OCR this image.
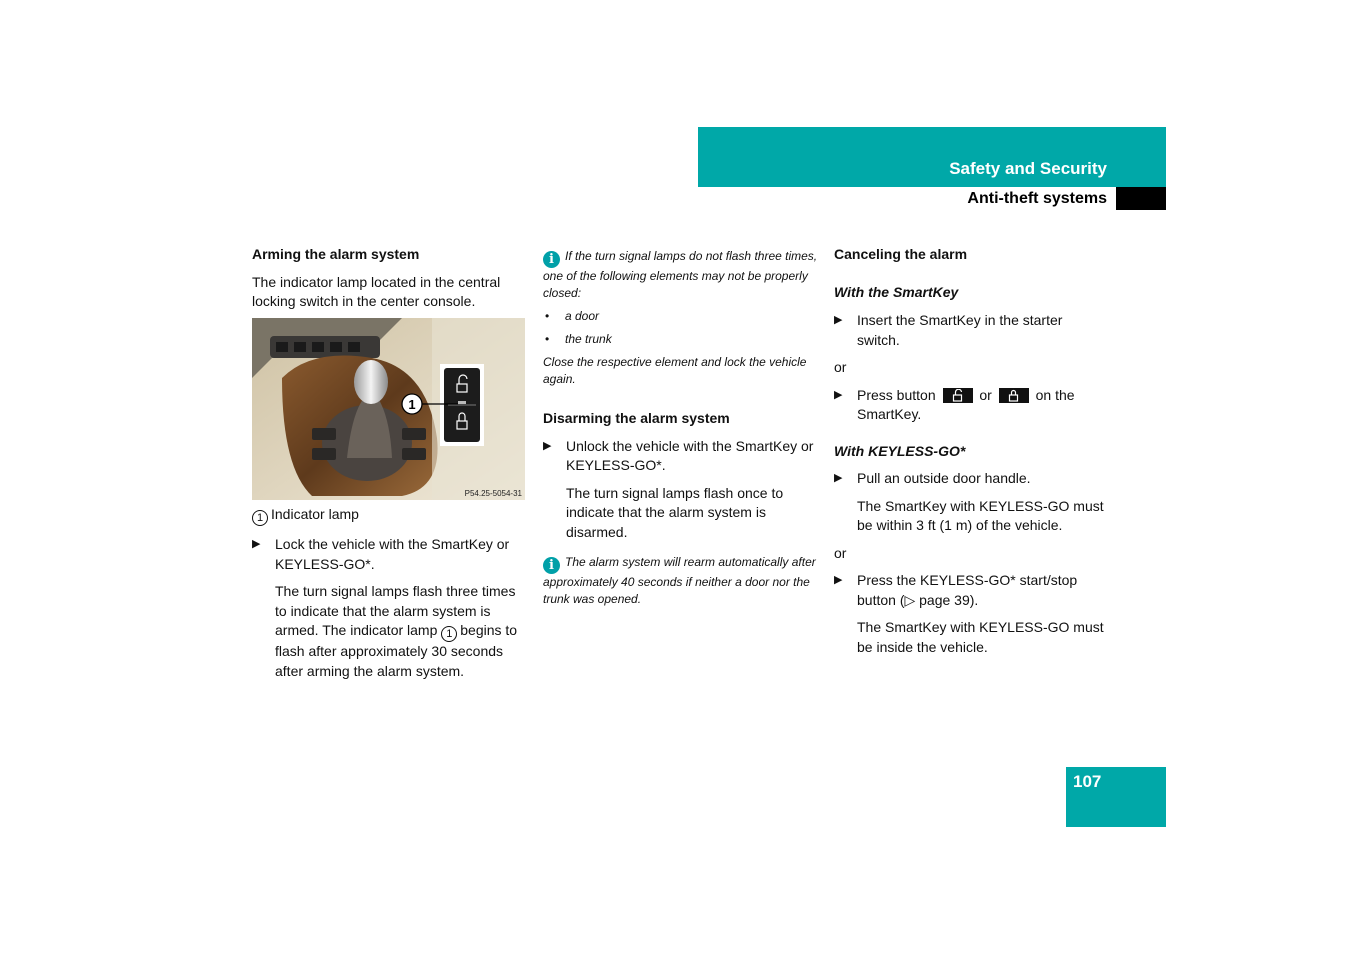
Safety and Security
Anti-theft systems
Arming the alarm system

The indicator lamp located in the central locking switch in the center console.

1
P54.25-5054-31
1 Indicator lamp
▶ Lock the vehicle with the SmartKey or KEYLESS-GO*.
The turn signal lamps flash three times to indicate that the alarm system is armed. The indicator lamp 1 begins to flash after approximately 30 seconds after arming the alarm system.
i If the turn signal lamps do not flash three times, one of the following elements may not be properly closed:
• a door
• the trunk
Close the respective element and lock the vehicle again.
Disarming the alarm system
▶ Unlock the vehicle with the SmartKey or KEYLESS-GO*.
The turn signal lamps flash once to indicate that the alarm system is disarmed.
i The alarm system will rearm automatically after approximately 40 seconds if neither a door nor the trunk was opened.
Canceling the alarm
With the SmartKey
▶ Insert the SmartKey in the starter switch.
or
▶ Press button	or	on the SmartKey.
With KEYLESS-GO*
▶ Pull an outside door handle.
The SmartKey with KEYLESS-GO must be within 3 ft (1 m) of the vehicle.
or
▶ Press the KEYLESS-GO* start/stop button (▷ page 39).
The SmartKey with KEYLESS-GO must be inside the vehicle.
107
